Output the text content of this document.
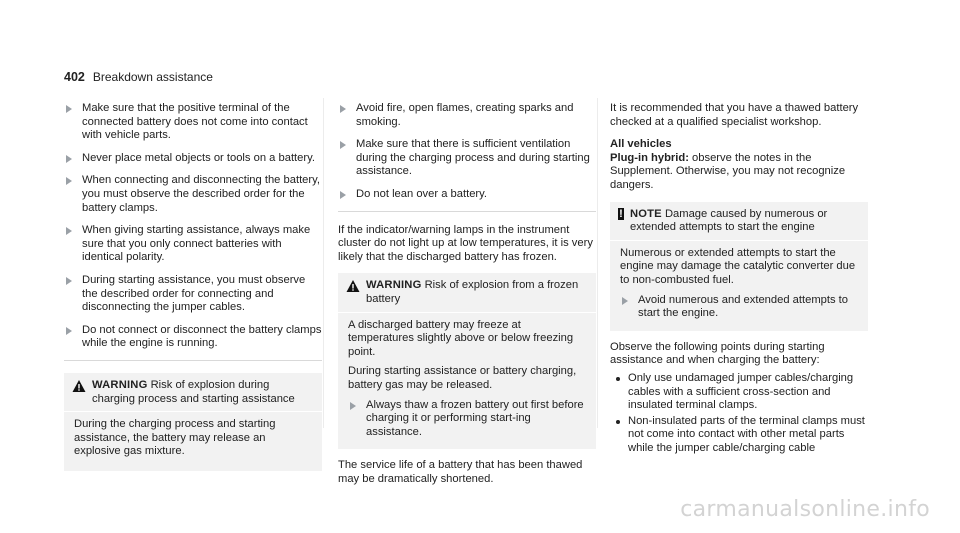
402 Breakdown assistance
Make sure that the positive terminal of the connected battery does not come into contact with vehicle parts.
Never place metal objects or tools on a battery.
When connecting and disconnecting the battery, you must observe the described order for the battery clamps.
When giving starting assistance, always make sure that you only connect batteries with identical polarity.
During starting assistance, you must observe the described order for connecting and disconnecting the jumper cables.
Do not connect or disconnect the battery clamps while the engine is running.
WARNING Risk of explosion during charging process and starting assistance

During the charging process and starting assistance, the battery may release an explosive gas mixture.

Avoid fire, open flames, creating sparks and smoking.
Make sure that there is sufficient ventilation during the charging process and during starting assistance.
Do not lean over a battery.

If the indicator/warning lamps in the instrument cluster do not light up at low temperatures, it is very likely that the discharged battery has frozen.

WARNING Risk of explosion from a frozen battery

A discharged battery may freeze at temperatures slightly above or below freezing point.

During starting assistance or battery charging, battery gas may be released.

Always thaw a frozen battery out first before charging it or performing start-ing assistance.

The service life of a battery that has been thawed may be dramatically shortened.

It is recommended that you have a thawed battery checked at a qualified specialist workshop.

All vehicles

Plug-in hybrid: observe the notes in the Supplement. Otherwise, you may not recognize dangers.

! NOTE Damage caused by numerous or extended attempts to start the engine

Numerous or extended attempts to start the engine may damage the catalytic converter due to non-combusted fuel.

Avoid numerous and extended attempts to start the engine.

Observe the following points during starting assistance and when charging the battery:

Only use undamaged jumper cables/charging cables with a sufficient cross-section and insulated terminal clamps.
Non-insulated parts of the terminal clamps must not come into contact with other metal parts while the jumper cable/charging cable
carmanualsonline.info
